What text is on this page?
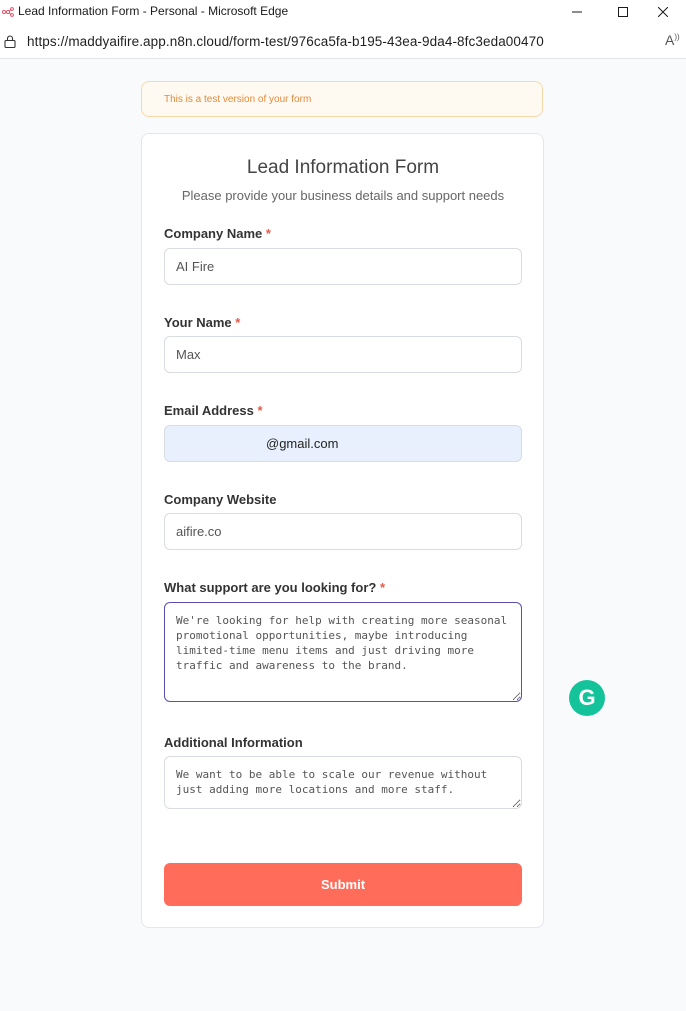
Lead Information Form - Personal - Microsoft Edge
https://maddyaifire.app.n8n.cloud/form-test/976ca5fa-b195-43ea-9da4-8fc3eda00470	A))
This is a test version of your form
Lead Information Form
Please provide your business details and support needs
Company Name *
AI Fire
Your Name *
Max
Email Address *
@gmail.com
Company Website
aifire.co
What support are you looking for? *
We're looking for help with creating more seasonal promotional opportunities, maybe introducing limited-time menu items and just driving more traffic and awareness to the brand.
Additional Information
We want to be able to scale our revenue without just adding more locations and more staff.
Submit
G
